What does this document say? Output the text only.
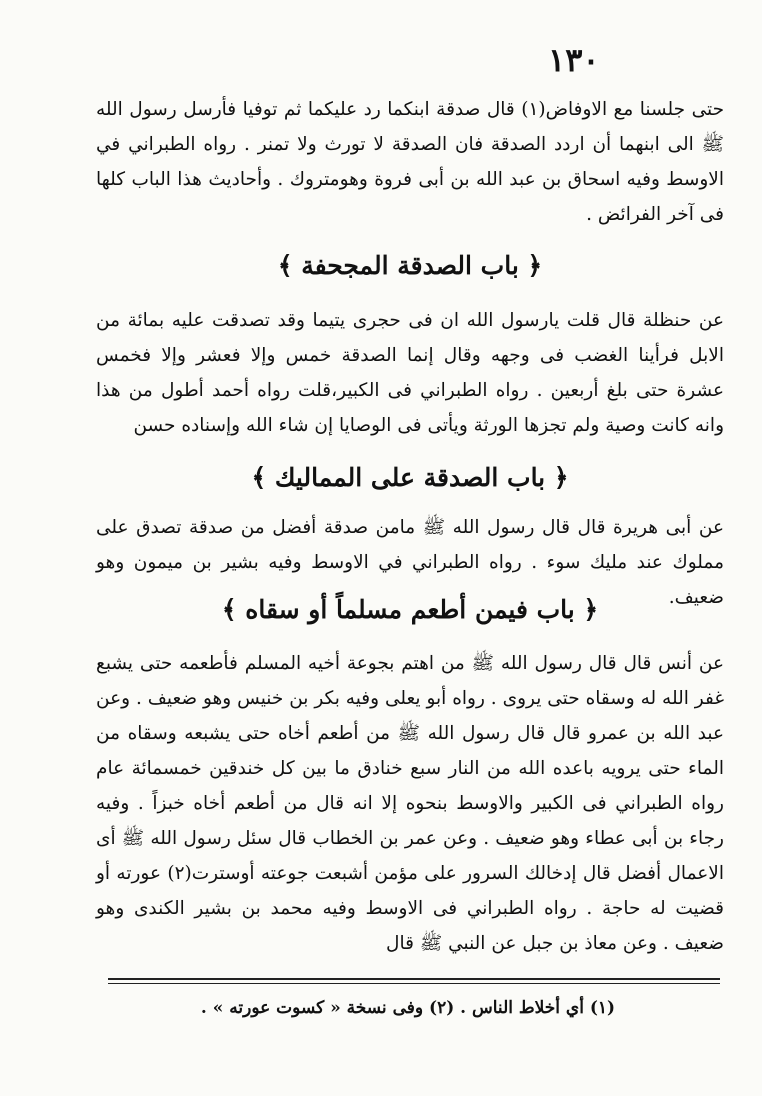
١٣٠

حتى جلسنا مع الاوفاض(١) قال صدقة ابنكما رد عليكما ثم توفيا فأرسل رسول الله ﷺ الى ابنهما أن اردد الصدقة فان الصدقة لا تورث ولا تمنر . رواه الطبراني في الاوسط وفيه اسحاق بن عبد الله بن أبى فروة وهومتروك . وأحاديث هذا الباب كلها فى آخر الفرائض .

﴿ باب الصدقة المجحفة ﴾

عن حنظلة قال قلت يارسول الله ان فى حجرى يتيما وقد تصدقت عليه بمائة من الابل فرأينا الغضب فى وجهه وقال إنما الصدقة خمس وإلا فعشر وإلا فخمس عشرة حتى بلغ أربعين . رواه الطبراني فى الكبير،قلت رواه أحمد أطول من هذا وانه كانت وصية ولم تجزها الورثة ويأتى فى الوصايا إن شاء الله وإسناده حسن

﴿ باب الصدقة على المماليك ﴾

عن أبى هريرة قال قال رسول الله ﷺ مامن صدقة أفضل من صدقة تصدق على مملوك عند مليك سوء . رواه الطبراني في الاوسط وفيه بشير بن ميمون وهو ضعيف.

﴿ باب فيمن أطعم مسلماً أو سقاه ﴾

عن أنس قال قال رسول الله ﷺ من اهتم بجوعة أخيه المسلم فأطعمه حتى يشبع غفر الله له وسقاه حتى يروى . رواه أبو يعلى وفيه بكر بن خنيس وهو ضعيف . وعن عبد الله بن عمرو قال قال رسول الله ﷺ من أطعم أخاه حتى يشبعه وسقاه من الماء حتى يرويه باعده الله من النار سبع خنادق ما بين كل خندقين خمسمائة عام رواه الطبراني فى الكبير والاوسط بنحوه إلا انه قال من أطعم أخاه خبزاً . وفيه رجاء بن أبى عطاء وهو ضعيف . وعن عمر بن الخطاب قال سئل رسول الله ﷺ أى الاعمال أفضل قال إدخالك السرور على مؤمن أشبعت جوعته أوسترت(٢) عورته أو قضيت له حاجة . رواه الطبراني فى الاوسط وفيه محمد بن بشير الكندى وهو ضعيف . وعن معاذ بن جبل عن النبي ﷺ قال

(١) أي أخلاط الناس . (٢) وفى نسخة « كسوت عورته » .
